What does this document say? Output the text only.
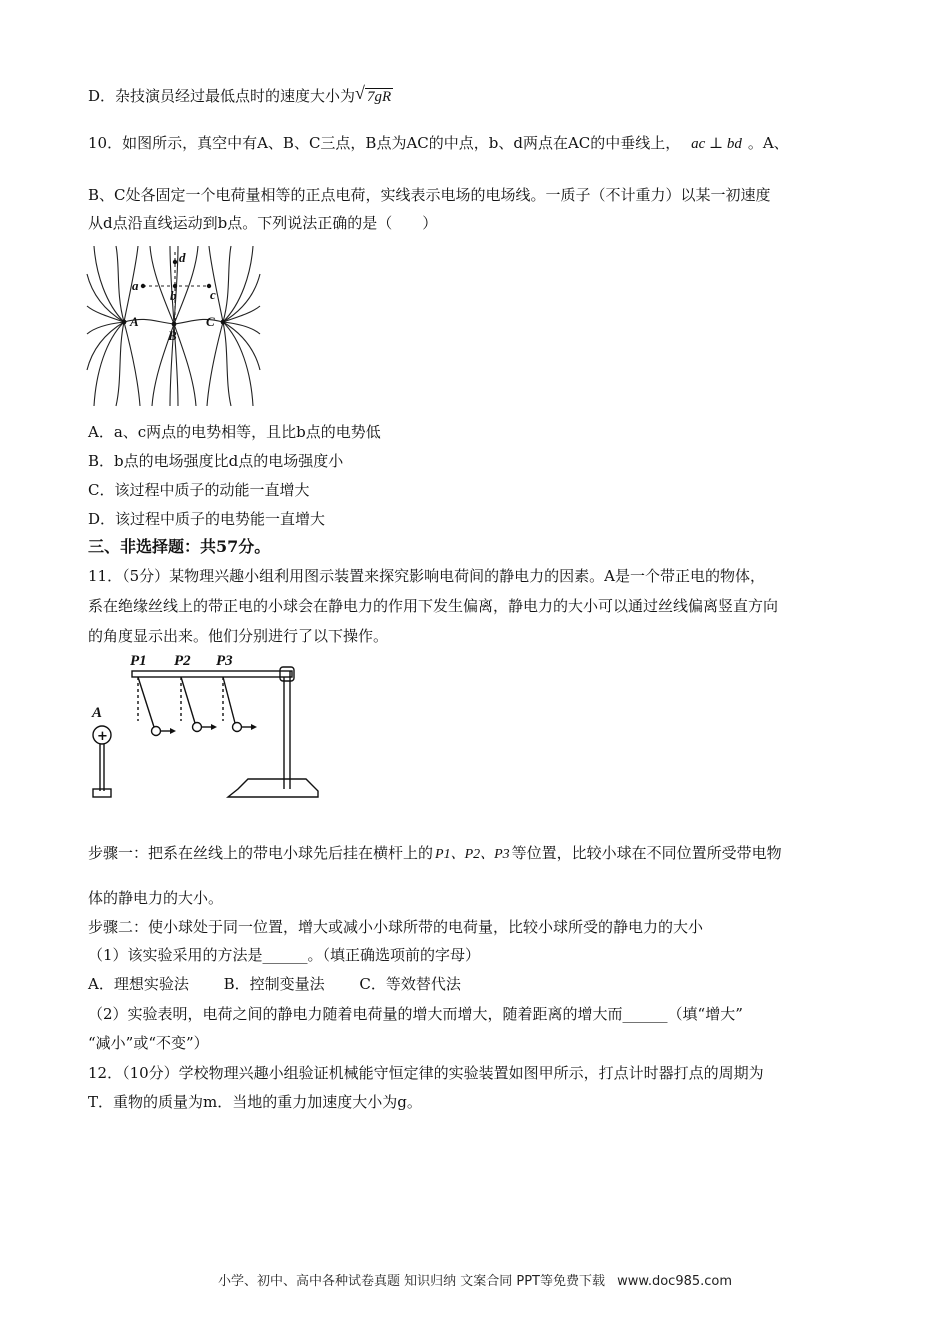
D．杂技演员经过最低点时的速度大小为 √ 7gR
10．如图所示，真空中有A、B、C三点，B点为AC的中点，b、d两点在AC的中垂线上， ac ⊥ bd 。A、
B、C处各固定一个电荷量相等的正点电荷，实线表示电场的电场线。一质子（不计重力）以某一初速度
从d点沿直线运动到b点。下列说法正确的是（　　）
d
a
b	c
A
B
C
A．a、c两点的电势相等，且比b点的电势低
B．b点的电场强度比d点的电场强度小
C．该过程中质子的动能一直增大
D．该过程中质子的电势能一直增大
三、非选择题：共57分。
11．（5分）某物理兴趣小组利用图示装置来探究影响电荷间的静电力的因素。A是一个带正电的物体，
系在绝缘丝线上的带正电的小球会在静电力的作用下发生偏离，静电力的大小可以通过丝线偏离竖直方向
的角度显示出来。他们分别进行了以下操作。
P1 P2 P3
A
+
步骤一：把系在丝线上的带电小球先后挂在横杆上的 P1、P2、P3 等位置，比较小球在不同位置所受带电物
体的静电力的大小。
步骤二：使小球处于同一位置，增大或减小小球所带的电荷量，比较小球所受的静电力的大小
（1）该实验采用的方法是______。（填正确选项前的字母）
A．理想实验法　　 B．控制变量法　　 C．等效替代法
（2）实验表明，电荷之间的静电力随着电荷量的增大而增大，随着距离的增大而______（填“增大”
“减小”或“不变”）
12．（10分）学校物理兴趣小组验证机械能守恒定律的实验装置如图甲所示，打点计时器打点的周期为
T．重物的质量为m．当地的重力加速度大小为g。
小学、初中、高中各种试卷真题 知识归纳 文案合同 PPT等免费下载 www.doc985.com
